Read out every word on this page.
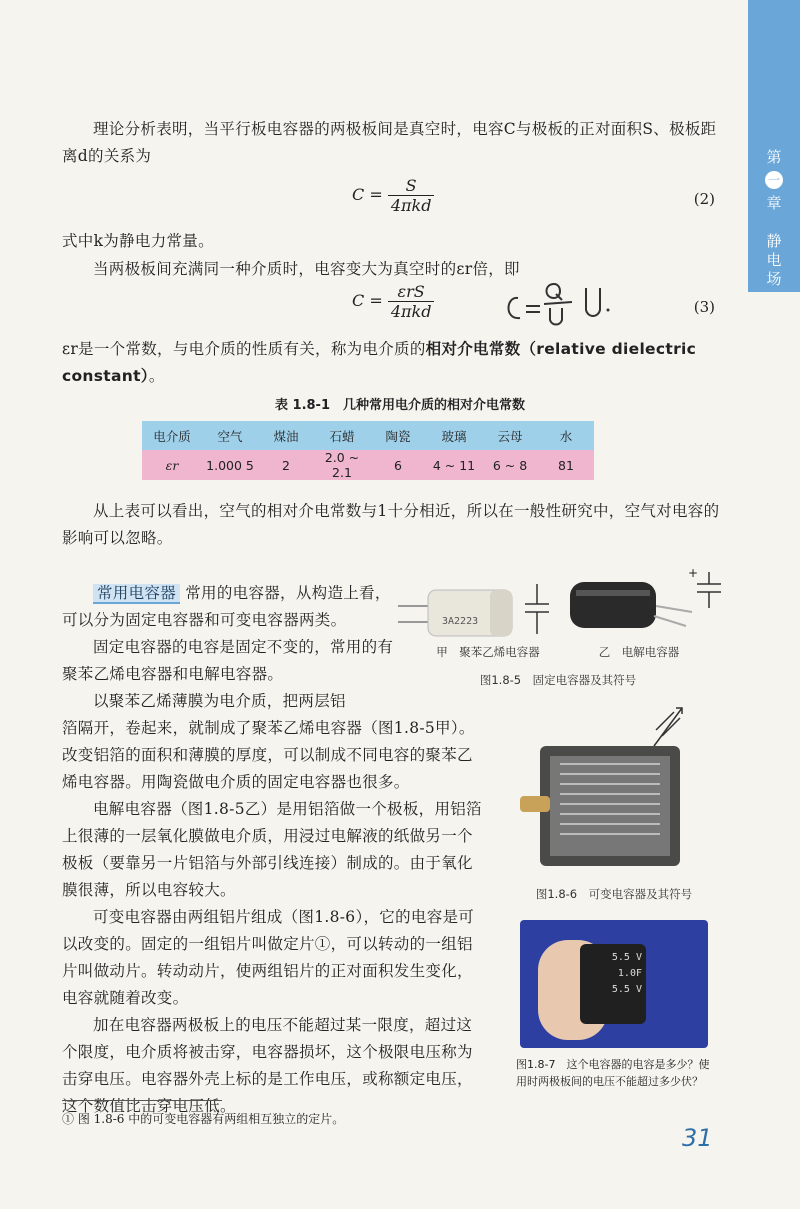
第
一
章
静
电
场
理论分析表明，当平行板电容器的两极板间是真空时，电容C与极板的正对面积S、极板距离d的关系为
$C = \frac{S}{\text{4πkd}}$	(2)
式中k为静电力常量。
当两极板间充满同一种介质时，电容变大为真空时的εr倍，即
$C = \frac{\text{εrS}}{\text{4πkd}}$	(3)
εr是一个常数，与电介质的性质有关，称为电介质的相对介电常数（relative dielectric constant）。
表 1.8-1　几种常用电介质的相对介电常数
电介质	空气	煤油	石蜡	陶瓷	玻璃	云母	水
εr	1.000 5	2	2.0 ~ 2.1	6	4 ~ 11	6 ~ 8	81
从上表可以看出，空气的相对介电常数与1十分相近，所以在一般性研究中，空气对电容的影响可以忽略。
常用电容器 常用的电容器，从构造上看，可以分为固定电容器和可变电容器两类。
固定电容器的电容是固定不变的，常用的有聚苯乙烯电容器和电解电容器。
以聚苯乙烯薄膜为电介质，把两层铝
箔隔开，卷起来，就制成了聚苯乙烯电容器（图1.8-5甲）。改变铝箔的面积和薄膜的厚度，可以制成不同电容的聚苯乙烯电容器。用陶瓷做电介质的固定电容器也很多。
电解电容器（图1.8-5乙）是用铝箔做一个极板，用铝箔上很薄的一层氧化膜做电介质，用浸过电解液的纸做另一个极板（要靠另一片铝箔与外部引线连接）制成的。由于氧化膜很薄，所以电容较大。
可变电容器由两组铝片组成（图1.8-6），它的电容是可以改变的。固定的一组铝片叫做定片①，可以转动的一组铝片叫做动片。转动动片，使两组铝片的正对面积发生变化，电容就随着改变。
加在电容器两极板上的电压不能超过某一限度，超过这个限度，电介质将被击穿，电容器损坏，这个极限电压称为击穿电压。电容器外壳上标的是工作电压，或称额定电压，这个数值比击穿电压低。
① 图 1.8-6 中的可变电容器有两组相互独立的定片。
3A2223
+
甲　聚苯乙烯电容器	乙　电解电容器
图1.8-5　固定电容器及其符号
图1.8-6　可变电容器及其符号
5.5 V
1.0F
5.5 V
图1.8-7　这个电容器的电容是多少？使
用时两极板间的电压不能超过多少伏？
31
